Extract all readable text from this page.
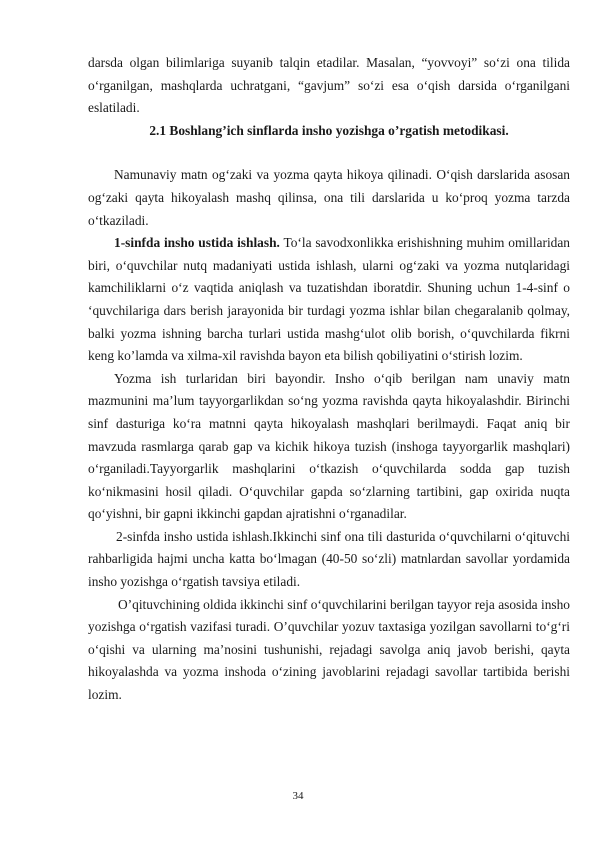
darsda olgan bilimlariga suyanib talqin etadilar. Masalan, “yovvoyi” so‘zi ona tilida o‘rganilgan, mashqlarda uchratgani, “gavjum” so‘zi esa o‘qish darsida o‘rganilgani eslatiladi.

2.1 Boshlang’ich sinflarda insho yozishga o’rgatish metodikasi.

Namunaviy matn og‘zaki va yozma qayta hikoya qilinadi. O‘qish darslarida asosan og‘zaki qayta hikoyalash mashq qilinsa, ona tili darslarida u ko‘proq yozma tarzda o‘tkaziladi.

1-sinfda insho ustida ishlash. To‘la savodxonlikka erishishning muhim omillaridan biri, o‘quvchilar nutq madaniyati ustida ishlash, ularni og‘zaki va yozma nutqlaridagi kamchiliklarni o‘z vaqtida aniqlash va tuzatishdan iboratdir. Shuning uchun 1-4-sinf o ‘quvchilariga dars berish jarayonida bir turdagi yozma ishlar bilan chegaralanib qolmay, balki yozma ishning barcha turlari ustida mashg‘ulot olib borish, o‘quvchilarda fikrni keng ko’lamda va xilma-xil ravishda bayon eta bilish qobiliyatini o‘stirish lozim.

Yozma ish turlaridan biri bayondir. Insho o‘qib berilgan nam unaviy matn mazmunini ma’lum tayyorgarlikdan so‘ng yozma ravishda qayta hikoyalashdir. Birinchi sinf dasturiga ko‘ra matnni qayta hikoyalash mashqlari berilmaydi. Faqat aniq bir mavzuda rasmlarga qarab gap va kichik hikoya tuzish (inshoga tayyorgarlik mashqlari) o‘rganiladi.Tayyorgarlik mashqlarini o‘tkazish o‘quvchilarda sodda gap tuzish ko‘nikmasini hosil qiladi. O‘quvchilar gapda so‘zlarning tartibini, gap oxirida nuqta qo‘yishni, bir gapni ikkinchi gapdan ajratishni o‘rganadilar.

2-sinfda insho ustida ishlash.Ikkinchi sinf ona tili dasturida o‘quvchilarni o‘qituvchi rahbarligida hajmi uncha katta bo‘lmagan (40-50 so‘zli) matnlardan savollar yordamida insho yozishga o‘rgatish tavsiya etiladi.

O’qituvchining oldida ikkinchi sinf o‘quvchilarini berilgan tayyor reja asosida insho yozishga o‘rgatish vazifasi turadi. O’quvchilar yozuv taxtasiga yozilgan savollarni to‘g‘ri o‘qishi va ularning ma’nosini tushunishi, rejadagi savolga aniq javob berishi, qayta hikoyalashda va yozma inshoda o‘zining javoblarini rejadagi savollar tartibida berishi lozim.

34
